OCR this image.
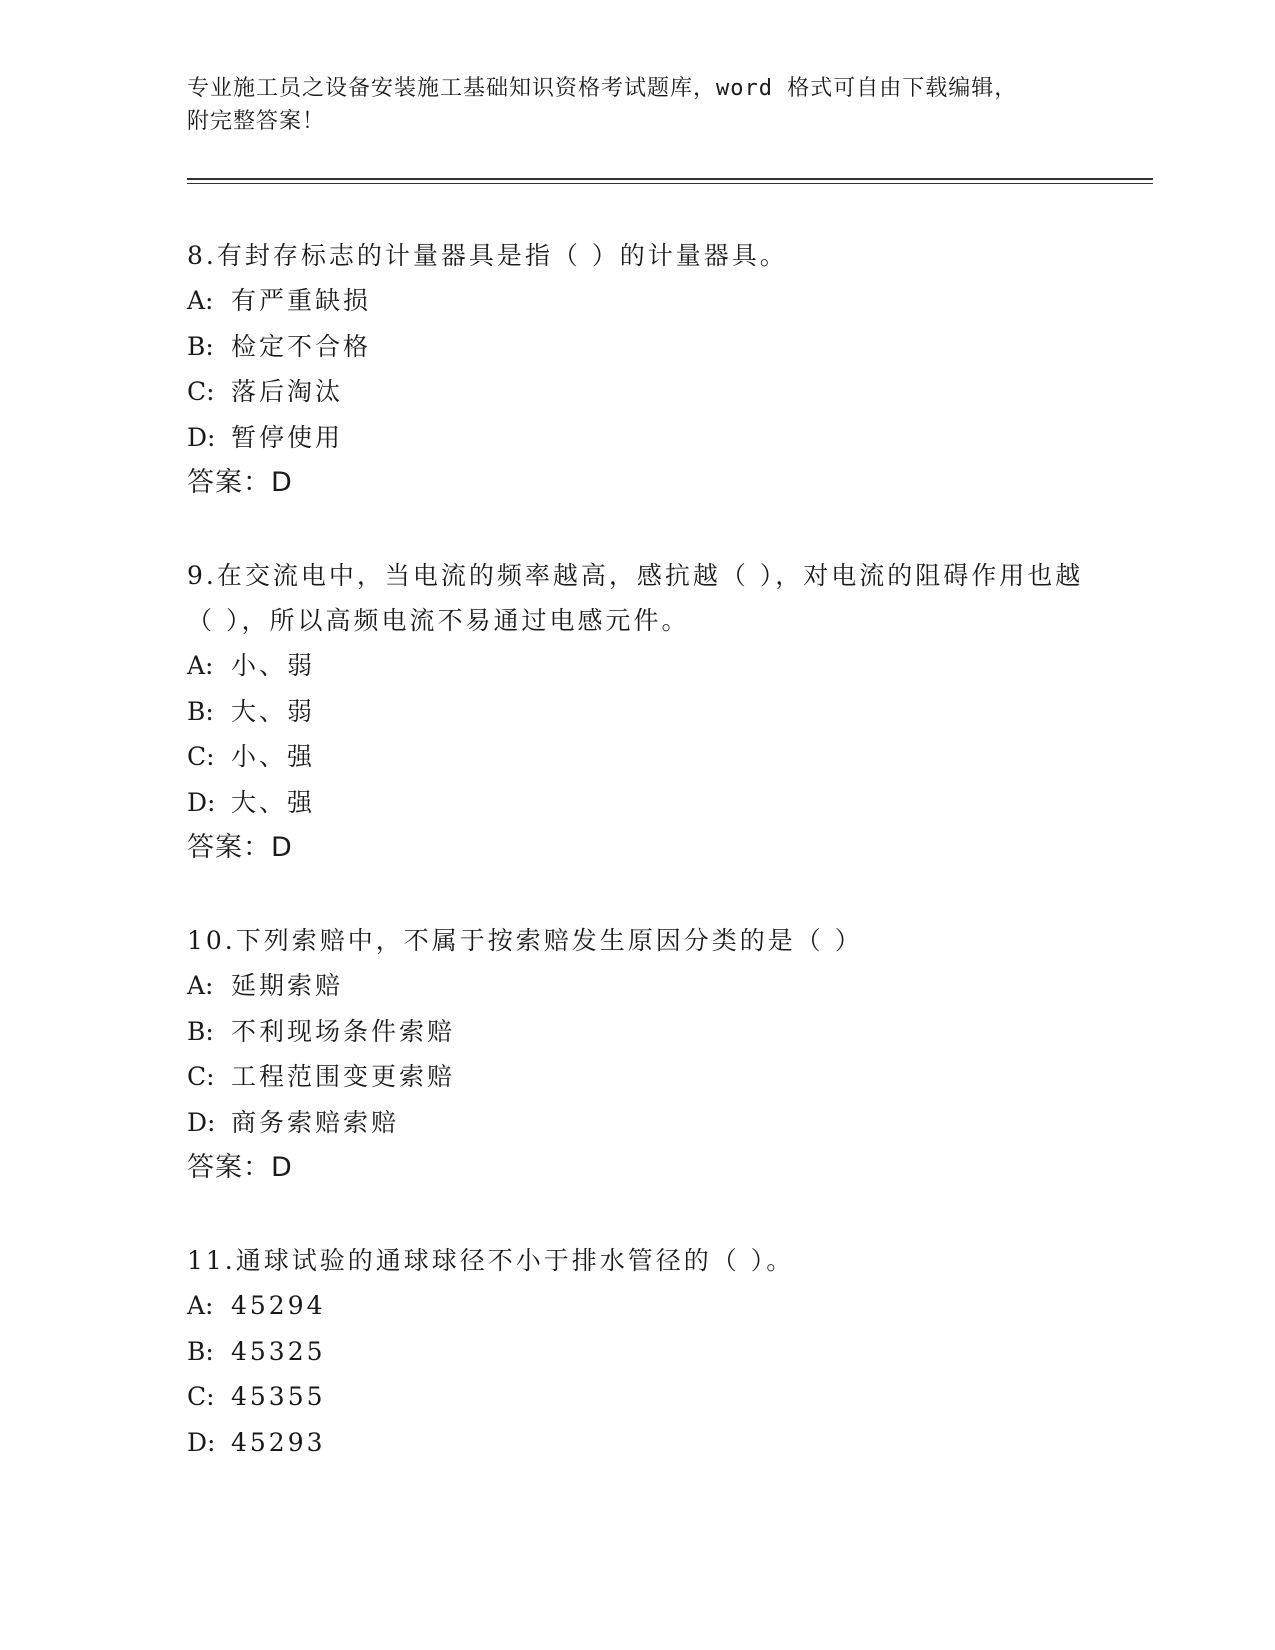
专业施工员之设备安装施工基础知识资格考试题库，word 格式可自由下载编辑，
附完整答案！

8.有封存标志的计量器具是指（ ）的计量器具。

A: 有严重缺损

B: 检定不合格

C: 落后淘汰

D: 暂停使用

答案：D

9.在交流电中，当电流的频率越高，感抗越（ ），对电流的阻碍作用也越（ ），所以高频电流不易通过电感元件。

A: 小、弱

B: 大、弱

C: 小、强

D: 大、强

答案：D

10.下列索赔中，不属于按索赔发生原因分类的是（ ）

A: 延期索赔

B: 不利现场条件索赔

C: 工程范围变更索赔

D: 商务索赔索赔

答案：D

11.通球试验的通球球径不小于排水管径的（ ）。

A: 45294

B: 45325

C: 45355

D: 45293
